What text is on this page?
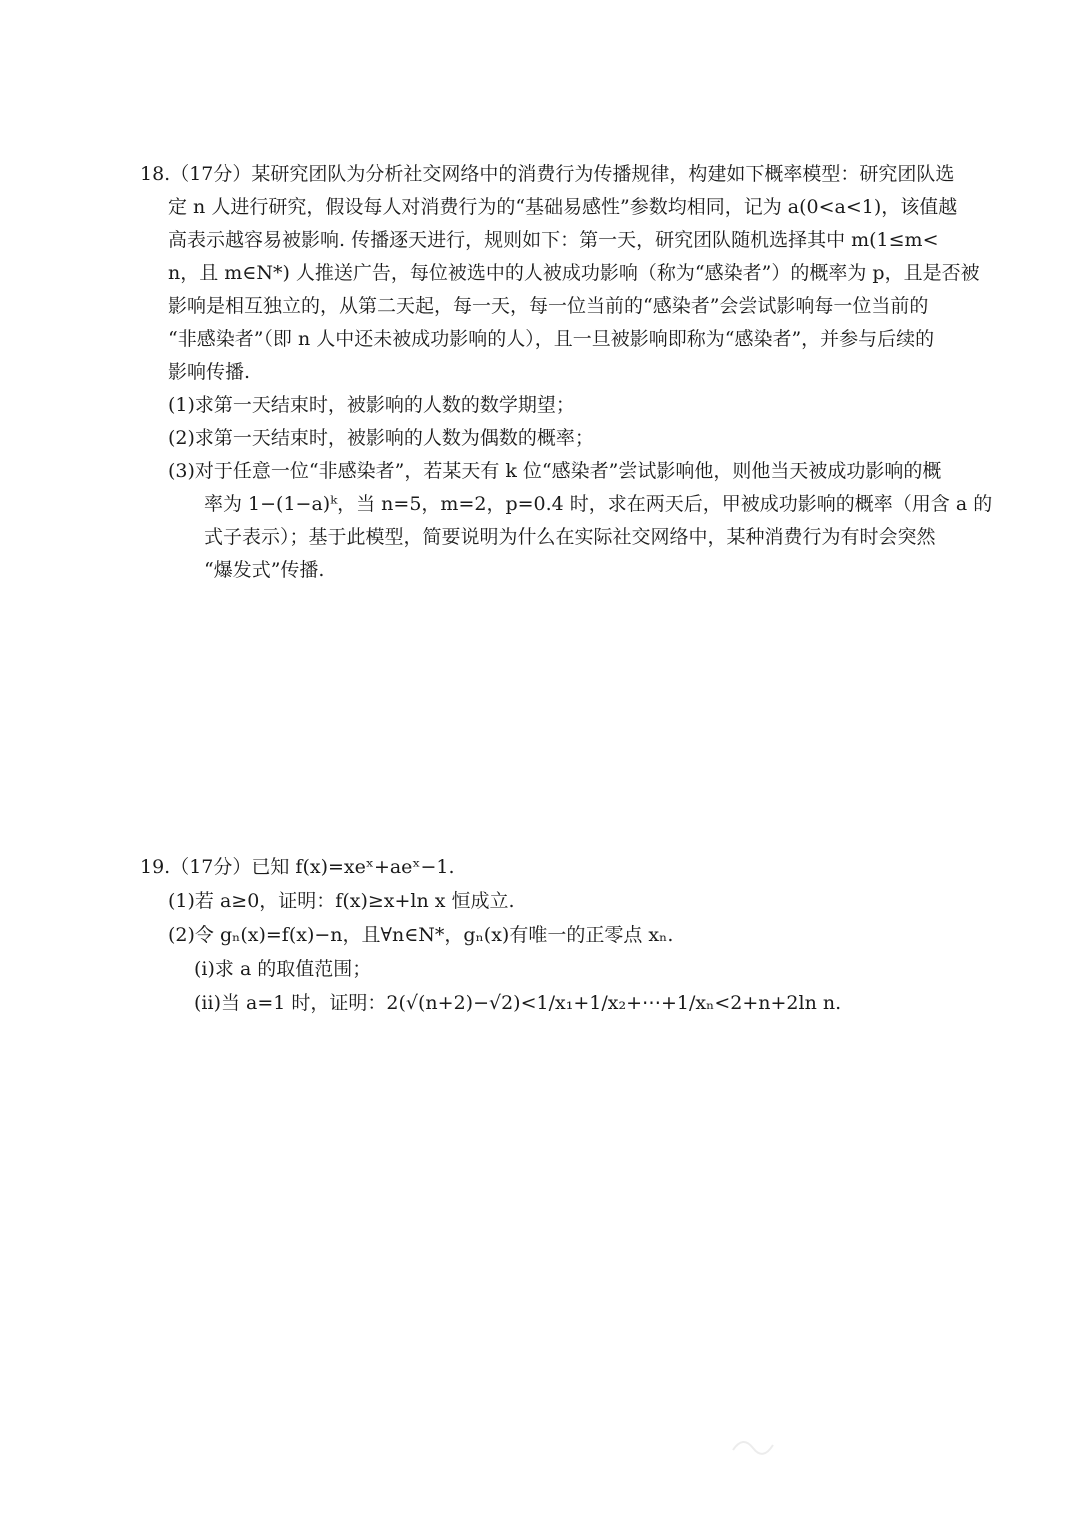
18.（17分）某研究团队为分析社交网络中的消费行为传播规律，构建如下概率模型：研究团队选
定 n 人进行研究，假设每人对消费行为的“基础易感性”参数均相同，记为 a(0<a<1)，该值越
高表示越容易被影响. 传播逐天进行，规则如下：第一天，研究团队随机选择其中 m(1≤m<
n，且 m∈N*) 人推送广告，每位被选中的人被成功影响（称为“感染者”）的概率为 p，且是否被
影响是相互独立的，从第二天起，每一天，每一位当前的“感染者”会尝试影响每一位当前的
“非感染者”（即 n 人中还未被成功影响的人），且一旦被影响即称为“感染者”，并参与后续的
影响传播.
(1)求第一天结束时，被影响的人数的数学期望；
(2)求第一天结束时，被影响的人数为偶数的概率；
(3)对于任意一位“非感染者”，若某天有 k 位“感染者”尝试影响他，则他当天被成功影响的概
率为 1−(1−a)ᵏ，当 n=5，m=2，p=0.4 时，求在两天后，甲被成功影响的概率（用含 a 的
式子表示）；基于此模型，简要说明为什么在实际社交网络中，某种消费行为有时会突然
“爆发式”传播.
19.（17分）已知 f(x)=xeˣ+aeˣ−1.
(1)若 a≥0，证明：f(x)≥x+ln x 恒成立.
(2)令 gₙ(x)=f(x)−n，且∀n∈N*，gₙ(x)有唯一的正零点 xₙ.
(ⅰ)求 a 的取值范围；
(ⅱ)当 a=1 时，证明：2(√(n+2)−√2)<1/x₁+1/x₂+⋯+1/xₙ<2+n+2ln n.
